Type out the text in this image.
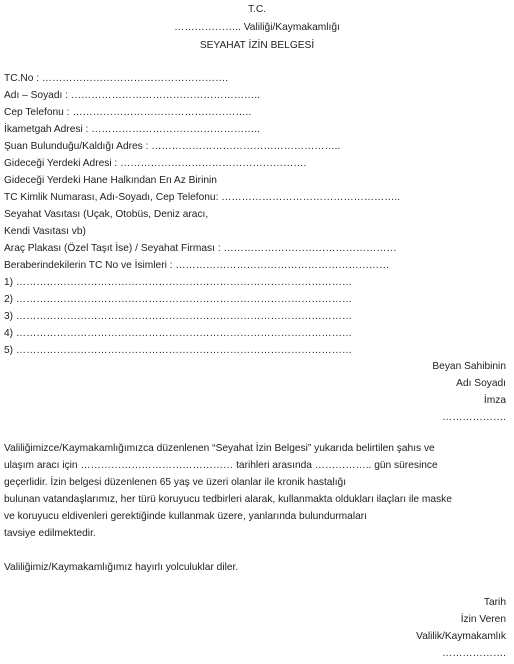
T.C.
……………….. Valiliği/Kaymakamlığı
SEYAHAT İZİN BELGESİ
TC.No : ……………………………………………….
Adı – Soyadı : ………………………………………………..
Cep Telefonu : ……………………………………………..
İkametgah Adresi : …………………………………………..
Şuan Bulunduğu/Kaldığı Adres : ………………………………………………..
Gideceği Yerdeki Adresi : ……………………………………………….
Gideceği Yerdeki Hane Halkından En Az Birinin
TC Kimlik Numarası, Adı-Soyadı, Cep Telefonu: ……………………………………………..
Seyahat Vasıtası (Uçak, Otobüs, Deniz aracı,
Kendi Vasıtası vb)
Araç Plakası (Özel Taşıt İse) / Seyahat Firması : ……………………………………………
Beraberindekilerin TC No ve İsimleri : ………………………………………………………
1) ………………………………………………………………………………………
2) ………………………………………………………………………………………
3) ………………………………………………………………………………………
4) ………………………………………………………………………………………
5) ………………………………………………………………………………………
Beyan Sahibinin
Adı Soyadı
İmza
……………….
Valiliğimizce/Kaymakamlığımızca düzenlenen “Seyahat İzin Belgesi” yukarıda belirtilen şahıs ve
ulaşım aracı için ……………………………………… tarihleri arasında …………….. gün süresince
geçerlidir. İzin belgesi düzenlenen 65 yaş ve üzeri olanlar ile kronik hastalığı
bulunan vatandaşlarımız, her türü koruyucu tedbirleri alarak, kullanmakta oldukları ilaçları ile maske
ve koruyucu eldivenleri gerektiğinde kullanmak üzere, yanlarında bulundurmaları
tavsiye edilmektedir.
Valiliğimiz/Kaymakamlığımız hayırlı yolculuklar diler.
Tarih
İzin Veren
Valilik/Kaymakamlık
……………….
